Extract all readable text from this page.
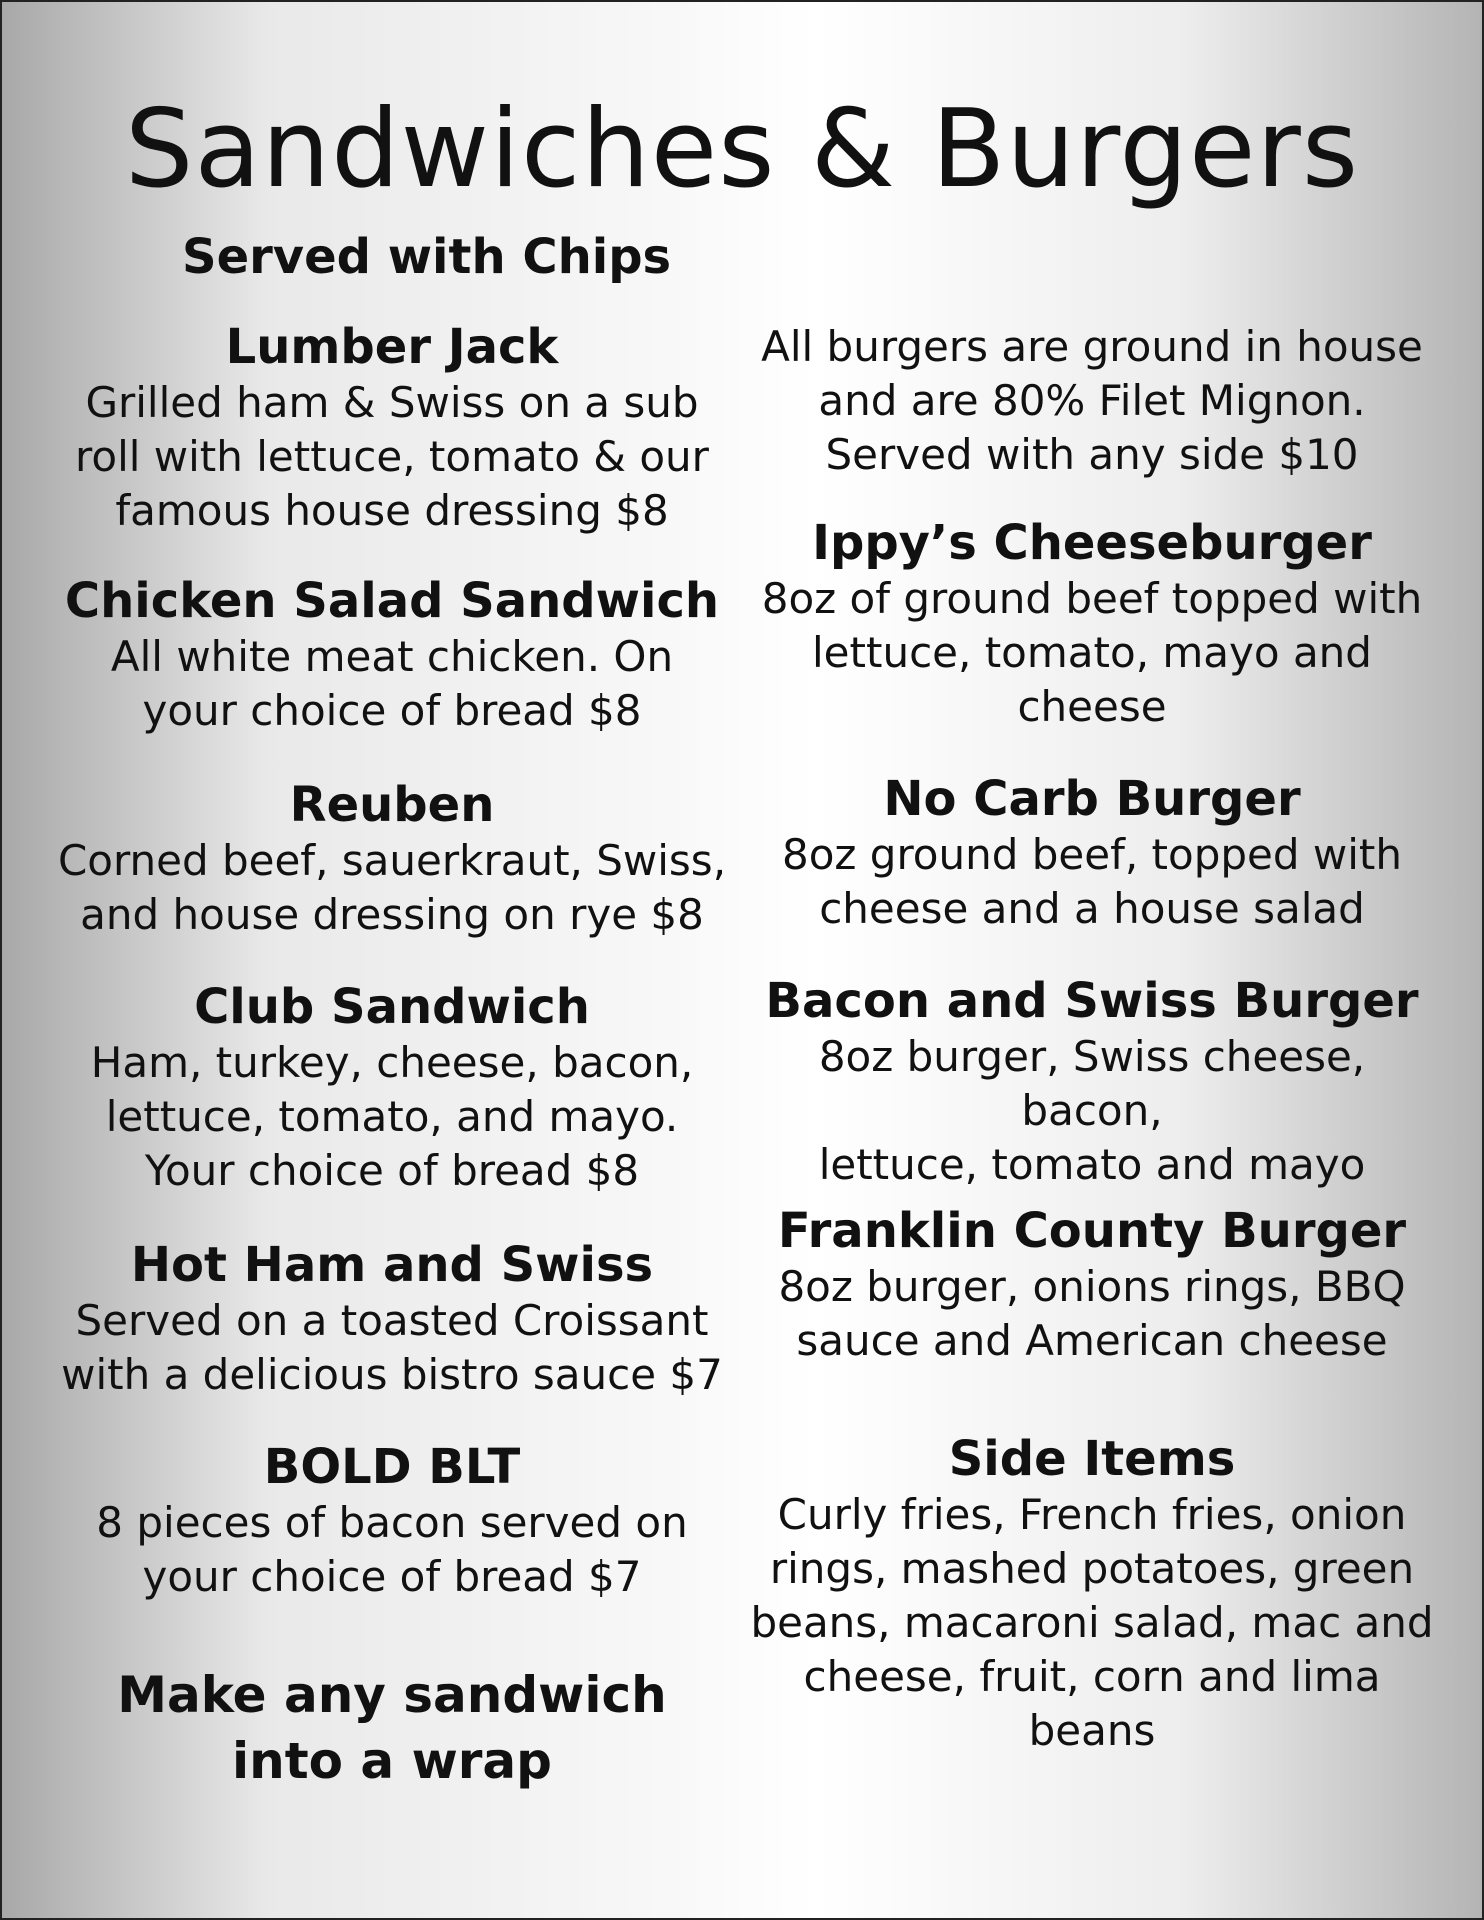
Sandwiches & Burgers

Served with Chips

Lumber Jack

Grilled ham & Swiss on a sub
roll with lettuce, tomato & our
famous house dressing $8

Chicken Salad Sandwich

All white meat chicken. On
your choice of bread $8

Reuben

Corned beef, sauerkraut, Swiss,
and house dressing on rye $8

Club Sandwich

Ham, turkey, cheese, bacon,
lettuce, tomato, and mayo.
Your choice of bread $8

Hot Ham and Swiss

Served on a toasted Croissant
with a delicious bistro sauce $7

BOLD BLT

8 pieces of bacon served on
your choice of bread $7

Make any sandwich
into a wrap

All burgers are ground in house
and are 80% Filet Mignon.
Served with any side $10

Ippy’s Cheeseburger

8oz of ground beef topped with
lettuce, tomato, mayo and
cheese

No Carb Burger

8oz ground beef, topped with
cheese and a house salad

Bacon and Swiss Burger

8oz burger, Swiss cheese, bacon,
lettuce, tomato and mayo

Franklin County Burger

8oz burger, onions rings, BBQ
sauce and American cheese

Side Items

Curly fries, French fries, onion
rings, mashed potatoes, green
beans, macaroni salad, mac and
cheese, fruit, corn and lima
beans
